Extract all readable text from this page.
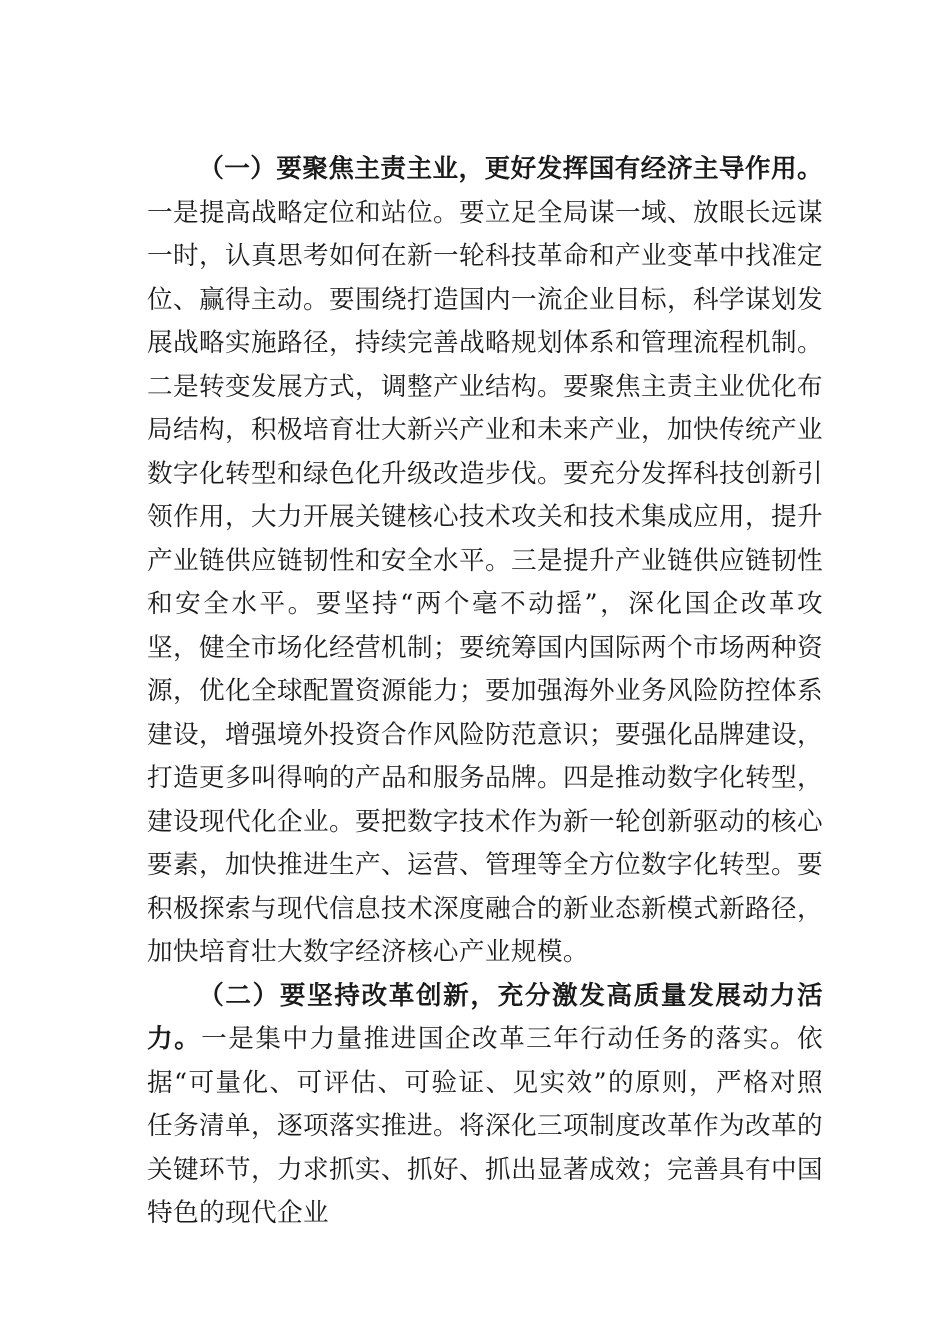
（一）要聚焦主责主业，更好发挥国有经济主导作用。一是提高战略定位和站位。要立足全局谋一域、放眼长远谋一时，认真思考如何在新一轮科技革命和产业变革中找准定位、赢得主动。要围绕打造国内一流企业目标，科学谋划发展战略实施路径，持续完善战略规划体系和管理流程机制。二是转变发展方式，调整产业结构。要聚焦主责主业优化布局结构，积极培育壮大新兴产业和未来产业，加快传统产业数字化转型和绿色化升级改造步伐。要充分发挥科技创新引领作用，大力开展关键核心技术攻关和技术集成应用，提升产业链供应链韧性和安全水平。三是提升产业链供应链韧性和安全水平。要坚持“两个毫不动摇”，深化国企改革攻坚，健全市场化经营机制；要统筹国内国际两个市场两种资源，优化全球配置资源能力；要加强海外业务风险防控体系建设，增强境外投资合作风险防范意识；要强化品牌建设，打造更多叫得响的产品和服务品牌。四是推动数字化转型，建设现代化企业。要把数字技术作为新一轮创新驱动的核心要素，加快推进生产、运营、管理等全方位数字化转型。要积极探索与现代信息技术深度融合的新业态新模式新路径，加快培育壮大数字经济核心产业规模。

（二）要坚持改革创新，充分激发高质量发展动力活力。一是集中力量推进国企改革三年行动任务的落实。依据“可量化、可评估、可验证、见实效”的原则，严格对照任务清单，逐项落实推进。将深化三项制度改革作为改革的关键环节，力求抓实、抓好、抓出显著成效；完善具有中国特色的现代企业
